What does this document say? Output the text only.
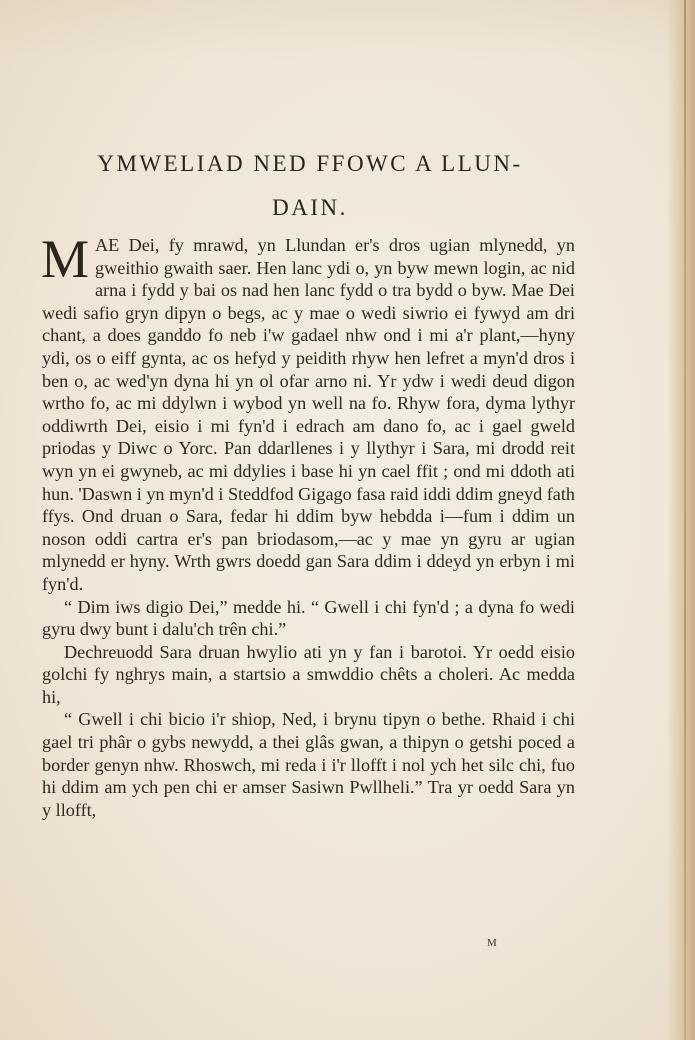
YMWELIAD NED FFOWC A LLUN-
DAIN.

MAE Dei, fy mrawd, yn Llundan er's dros ugian mlynedd, yn gweithio gwaith saer. Hen lanc ydi o, yn byw mewn login, ac nid arna i fydd y bai os nad hen lanc fydd o tra bydd o byw. Mae Dei wedi safio gryn dipyn o begs, ac y mae o wedi siwrio ei fywyd am dri chant, a does ganddo fo neb i'w gadael nhw ond i mi a'r plant,—hyny ydi, os o eiff gynta, ac os hefyd y peidith rhyw hen lefret a myn'd dros i ben o, ac wed'yn dyna hi yn ol ofar arno ni. Yr ydw i wedi deud digon wrtho fo, ac mi ddylwn i wybod yn well na fo. Rhyw fora, dyma lythyr oddiwrth Dei, eisio i mi fyn'd i edrach am dano fo, ac i gael gweld priodas y Diwc o Yorc. Pan ddarllenes i y llythyr i Sara, mi drodd reit wyn yn ei gwyneb, ac mi ddylies i base hi yn cael ffit ; ond mi ddoth ati hun. 'Daswn i yn myn'd i Steddfod Gigago fasa raid iddi ddim gneyd fath ffys. Ond druan o Sara, fedar hi ddim byw hebdda i—fum i ddim un noson oddi cartra er's pan briodasom,—ac y mae yn gyru ar ugian mlynedd er hyny. Wrth gwrs doedd gan Sara ddim i ddeyd yn erbyn i mi fyn'd.

“ Dim iws digio Dei,” medde hi. “ Gwell i chi fyn'd ; a dyna fo wedi gyru dwy bunt i dalu'ch trên chi.”

Dechreuodd Sara druan hwylio ati yn y fan i barotoi. Yr oedd eisio golchi fy nghrys main, a startsio a smwddio chêts a choleri. Ac medda hi,

“ Gwell i chi bicio i'r shiop, Ned, i brynu tipyn o bethe. Rhaid i chi gael tri phâr o gybs newydd, a thei glâs gwan, a thipyn o getshi poced a border genyn nhw. Rhoswch, mi reda i i'r llofft i nol ych het silc chi, fuo hi ddim am ych pen chi er amser Sasiwn Pwllheli.” Tra yr oedd Sara yn y llofft,

M
